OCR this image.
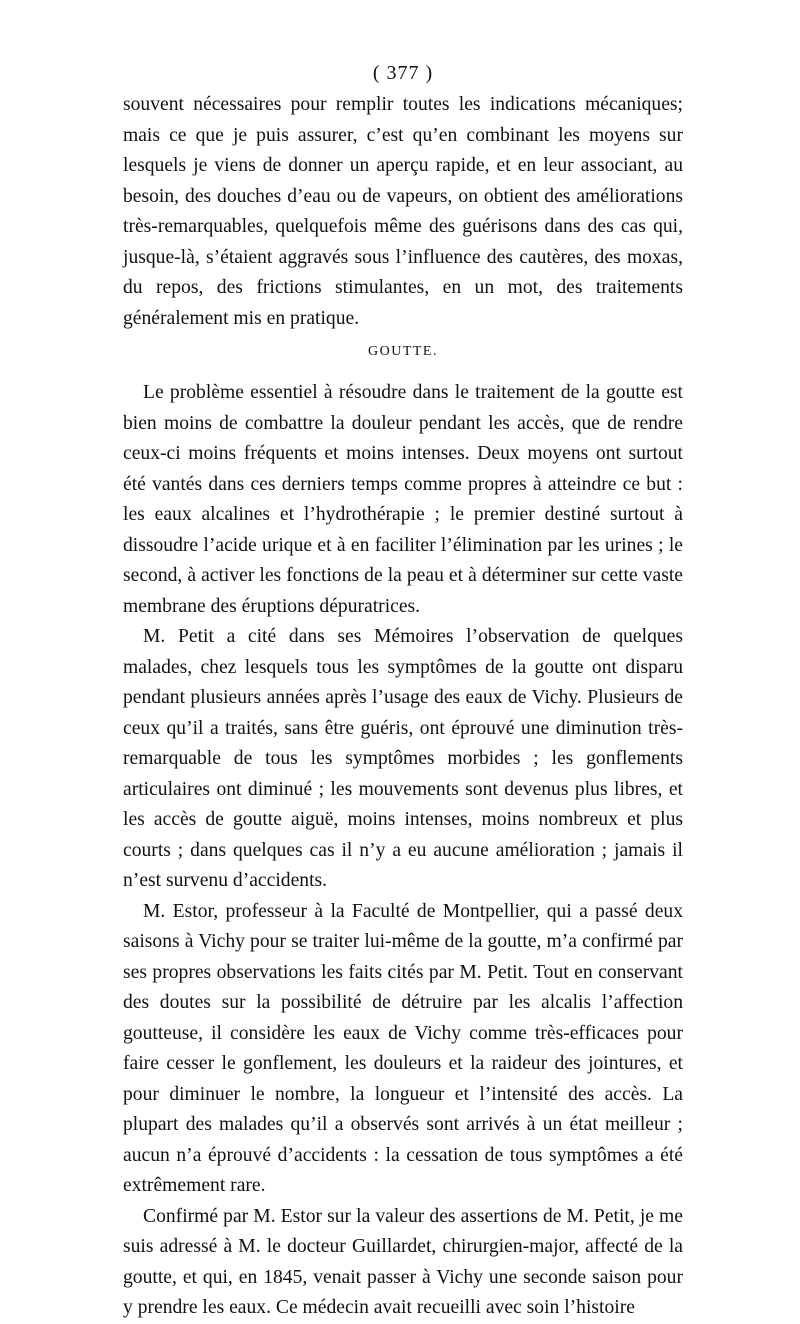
( 377 )

souvent nécessaires pour remplir toutes les indications mécaniques; mais ce que je puis assurer, c’est qu’en combinant les moyens sur lesquels je viens de donner un aperçu rapide, et en leur associant, au besoin, des douches d’eau ou de vapeurs, on obtient des améliorations très-remarquables, quelquefois même des guérisons dans des cas qui, jusque-là, s’étaient aggravés sous l’influence des cautères, des moxas, du repos, des frictions stimulantes, en un mot, des traitements généralement mis en pratique.

GOUTTE.

Le problème essentiel à résoudre dans le traitement de la goutte est bien moins de combattre la douleur pendant les accès, que de rendre ceux-ci moins fréquents et moins intenses. Deux moyens ont surtout été vantés dans ces derniers temps comme propres à atteindre ce but : les eaux alcalines et l’hydrothérapie ; le premier destiné surtout à dissoudre l’acide urique et à en faciliter l’élimination par les urines ; le second, à activer les fonctions de la peau et à déterminer sur cette vaste membrane des éruptions dépuratrices.

M. Petit a cité dans ses Mémoires l’observation de quelques malades, chez lesquels tous les symptômes de la goutte ont disparu pendant plusieurs années après l’usage des eaux de Vichy. Plusieurs de ceux qu’il a traités, sans être guéris, ont éprouvé une diminution très-remarquable de tous les symptômes morbides ; les gonflements articulaires ont diminué ; les mouvements sont devenus plus libres, et les accès de goutte aiguë, moins intenses, moins nombreux et plus courts ; dans quelques cas il n’y a eu aucune amélioration ; jamais il n’est survenu d’accidents.

M. Estor, professeur à la Faculté de Montpellier, qui a passé deux saisons à Vichy pour se traiter lui-même de la goutte, m’a confirmé par ses propres observations les faits cités par M. Petit. Tout en conservant des doutes sur la possibilité de détruire par les alcalis l’affection goutteuse, il considère les eaux de Vichy comme très-efficaces pour faire cesser le gonflement, les douleurs et la raideur des jointures, et pour diminuer le nombre, la longueur et l’intensité des accès. La plupart des malades qu’il a observés sont arrivés à un état meilleur ; aucun n’a éprouvé d’accidents : la cessation de tous symptômes a été extrêmement rare.

Confirmé par M. Estor sur la valeur des assertions de M. Petit, je me suis adressé à M. le docteur Guillardet, chirurgien-major, affecté de la goutte, et qui, en 1845, venait passer à Vichy une seconde saison pour y prendre les eaux. Ce médecin avait recueilli avec soin l’histoire
